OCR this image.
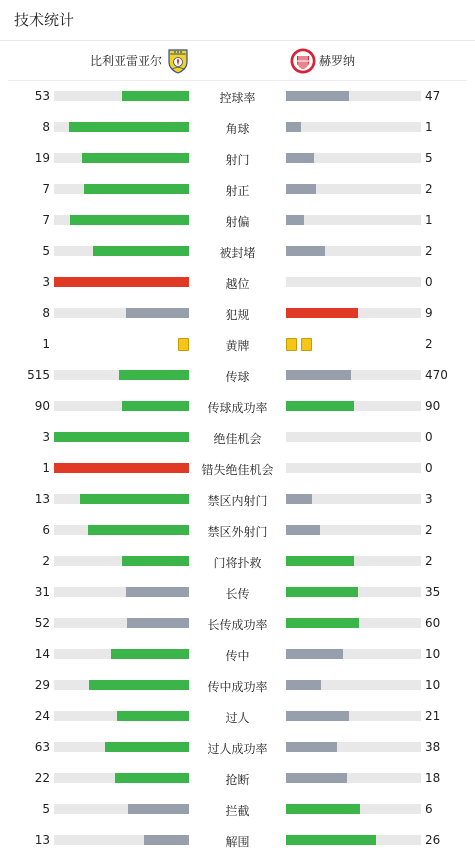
技术统计
比利亚雷亚尔	赫罗纳
53	控球率	47
8	角球	1
19	射门	5
7	射正	2
7	射偏	1
5	被封堵	2
3	越位	0
8	犯规	9
1	黄牌	2
515	传球	470
90	传球成功率	90
3	绝佳机会	0
1	错失绝佳机会	0
13	禁区内射门	3
6	禁区外射门	2
2	门将扑救	2
31	长传	35
52	长传成功率	60
14	传中	10
29	传中成功率	10
24	过人	21
63	过人成功率	38
22	抢断	18
5	拦截	6
13	解围	26
